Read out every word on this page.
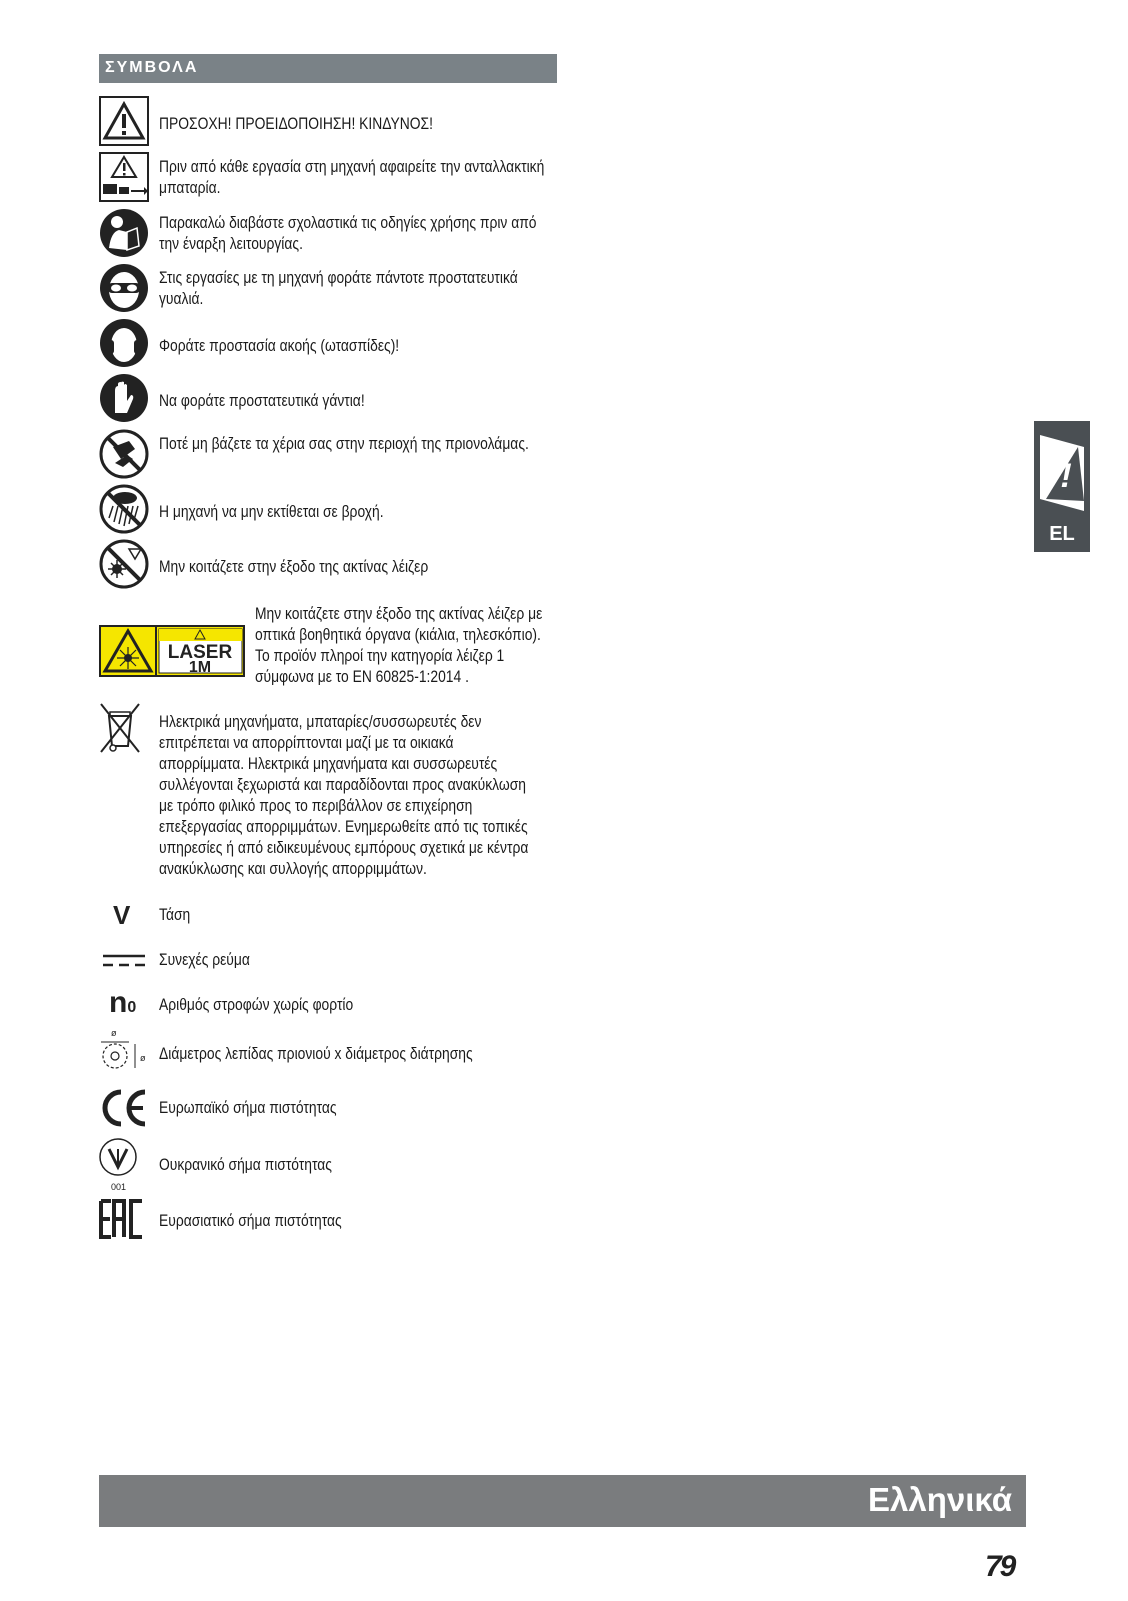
ΣΥΜΒΟΛΑ
ΠΡΟΣΟΧΗ! ΠΡΟΕΙΔΟΠΟΙΗΣΗ! ΚΙΝΔΥΝΟΣ!
Πριν από κάθε εργασία στη μηχανή αφαιρείτε την ανταλλακτική μπαταρία.
Παρακαλώ διαβάστε σχολαστικά τις οδηγίες χρήσης πριν από την έναρξη λειτουργίας.
Στις εργασίες με τη μηχανή φοράτε πάντοτε προστατευτικά γυαλιά.
Φοράτε προστασία ακοής (ωτασπίδες)!
Να φοράτε προστατευτικά γάντια!
Ποτέ μη βάζετε τα χέρια σας στην περιοχή της πριονολάμας.
Η μηχανή να μην εκτίθεται σε βροχή.
Μην κοιτάζετε στην έξοδο της ακτίνας λέιζερ
LASER
1M
Μην κοιτάζετε στην έξοδο της ακτίνας λέιζερ με οπτικά βοηθητικά όργανα (κιάλια, τηλεσκόπιο). Το προϊόν πληροί την κατηγορία λέιζερ 1 σύμφωνα με το EN 60825-1:2014 .
Ηλεκτρικά μηχανήματα, μπαταρίες/συσσωρευτές δεν επιτρέπεται να απορρίπτονται μαζί με τα οικιακά απορρίμματα. Ηλεκτρικά μηχανήματα και συσσωρευτές συλλέγονται ξεχωριστά και παραδίδονται προς ανακύκλωση με τρόπο φιλικό προς το περιβάλλον σε επιχείρηση επεξεργασίας απορριμμάτων. Ενημερωθείτε από τις τοπικές υπηρεσίες ή από ειδικευμένους εμπόρους σχετικά με κέντρα ανακύκλωσης και συλλογής απορριμμάτων.
V Τάση
Συνεχές ρεύμα
n0 Αριθμός στροφών χωρίς φορτίο
ø
ø Διάμετρος λεπίδας πριονιού x διάμετρος διάτρησης
Ευρωπαϊκό σήμα πιστότητας
001
Ουκρανικό σήμα πιστότητας
Ευρασιατικό σήμα πιστότητας
!
EL
Ελληνικά
79
